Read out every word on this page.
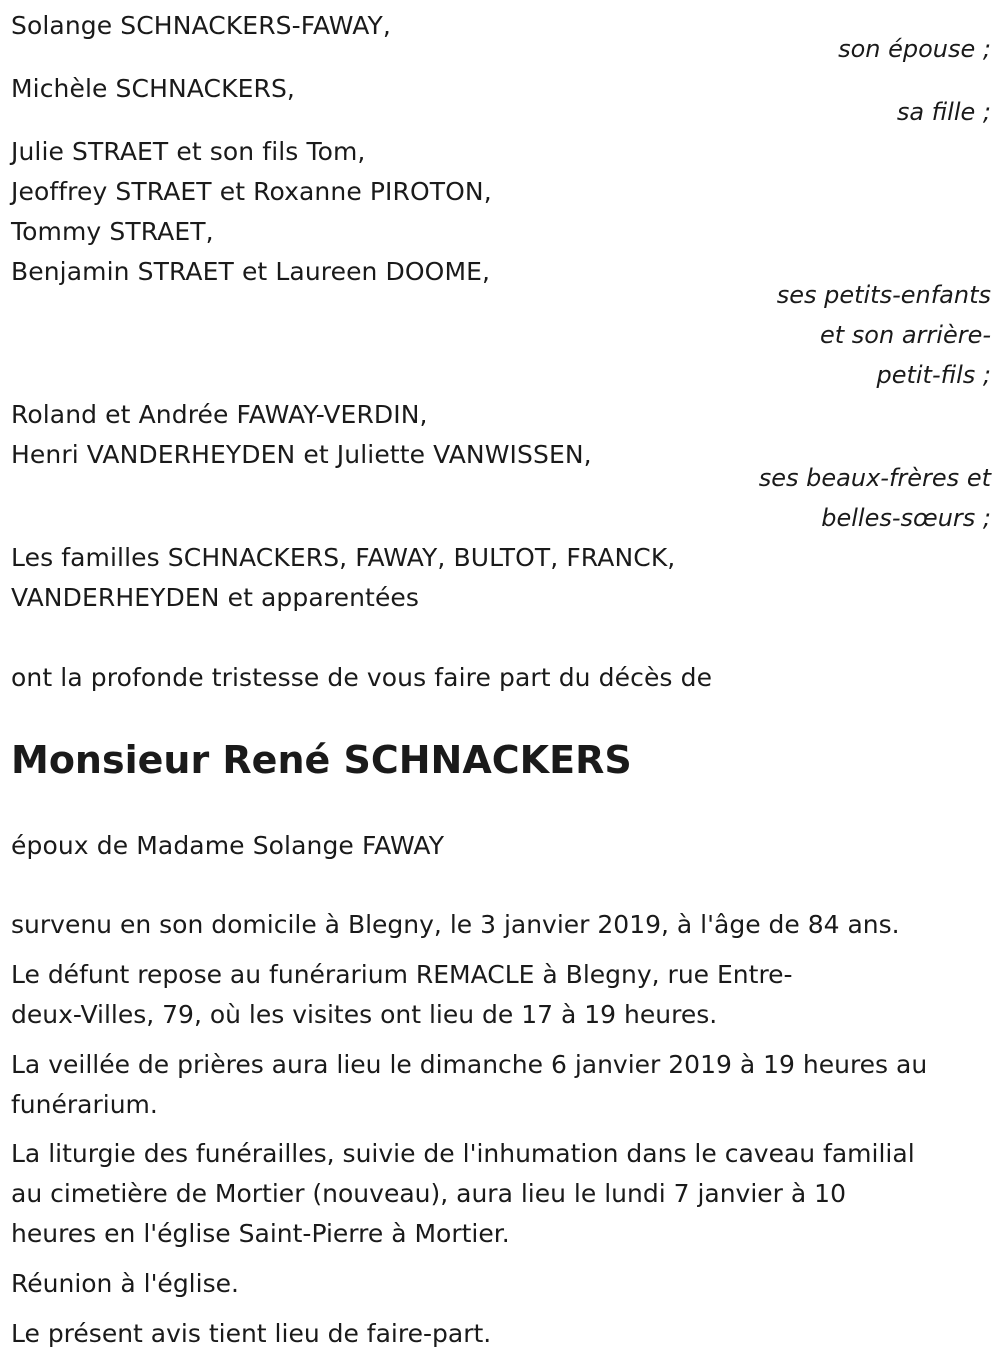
Solange SCHNACKERS-FAWAY,
son épouse ;
Michèle SCHNACKERS,
sa fille ;
Julie STRAET et son fils Tom,
Jeoffrey STRAET et Roxanne PIROTON,
Tommy STRAET,
Benjamin STRAET et Laureen DOOME,
ses petits-enfants
et son arrière-
petit-fils ;
Roland et Andrée FAWAY-VERDIN,
Henri VANDERHEYDEN et Juliette VANWISSEN,
ses beaux-frères et
belles-sœurs ;
Les familles SCHNACKERS, FAWAY, BULTOT, FRANCK,
VANDERHEYDEN et apparentées
ont la profonde tristesse de vous faire part du décès de
Monsieur René SCHNACKERS
époux de Madame Solange FAWAY
survenu en son domicile à Blegny, le 3 janvier 2019, à l'âge de 84 ans.
Le défunt repose au funérarium REMACLE à Blegny, rue Entre-
deux-Villes, 79, où les visites ont lieu de 17 à 19 heures.
La veillée de prières aura lieu le dimanche 6 janvier 2019 à 19 heures au
funérarium.
La liturgie des funérailles, suivie de l'inhumation dans le caveau familial
au cimetière de Mortier (nouveau), aura lieu le lundi 7 janvier à 10
heures en l'église Saint-Pierre à Mortier.
Réunion à l'église.
Le présent avis tient lieu de faire-part.
